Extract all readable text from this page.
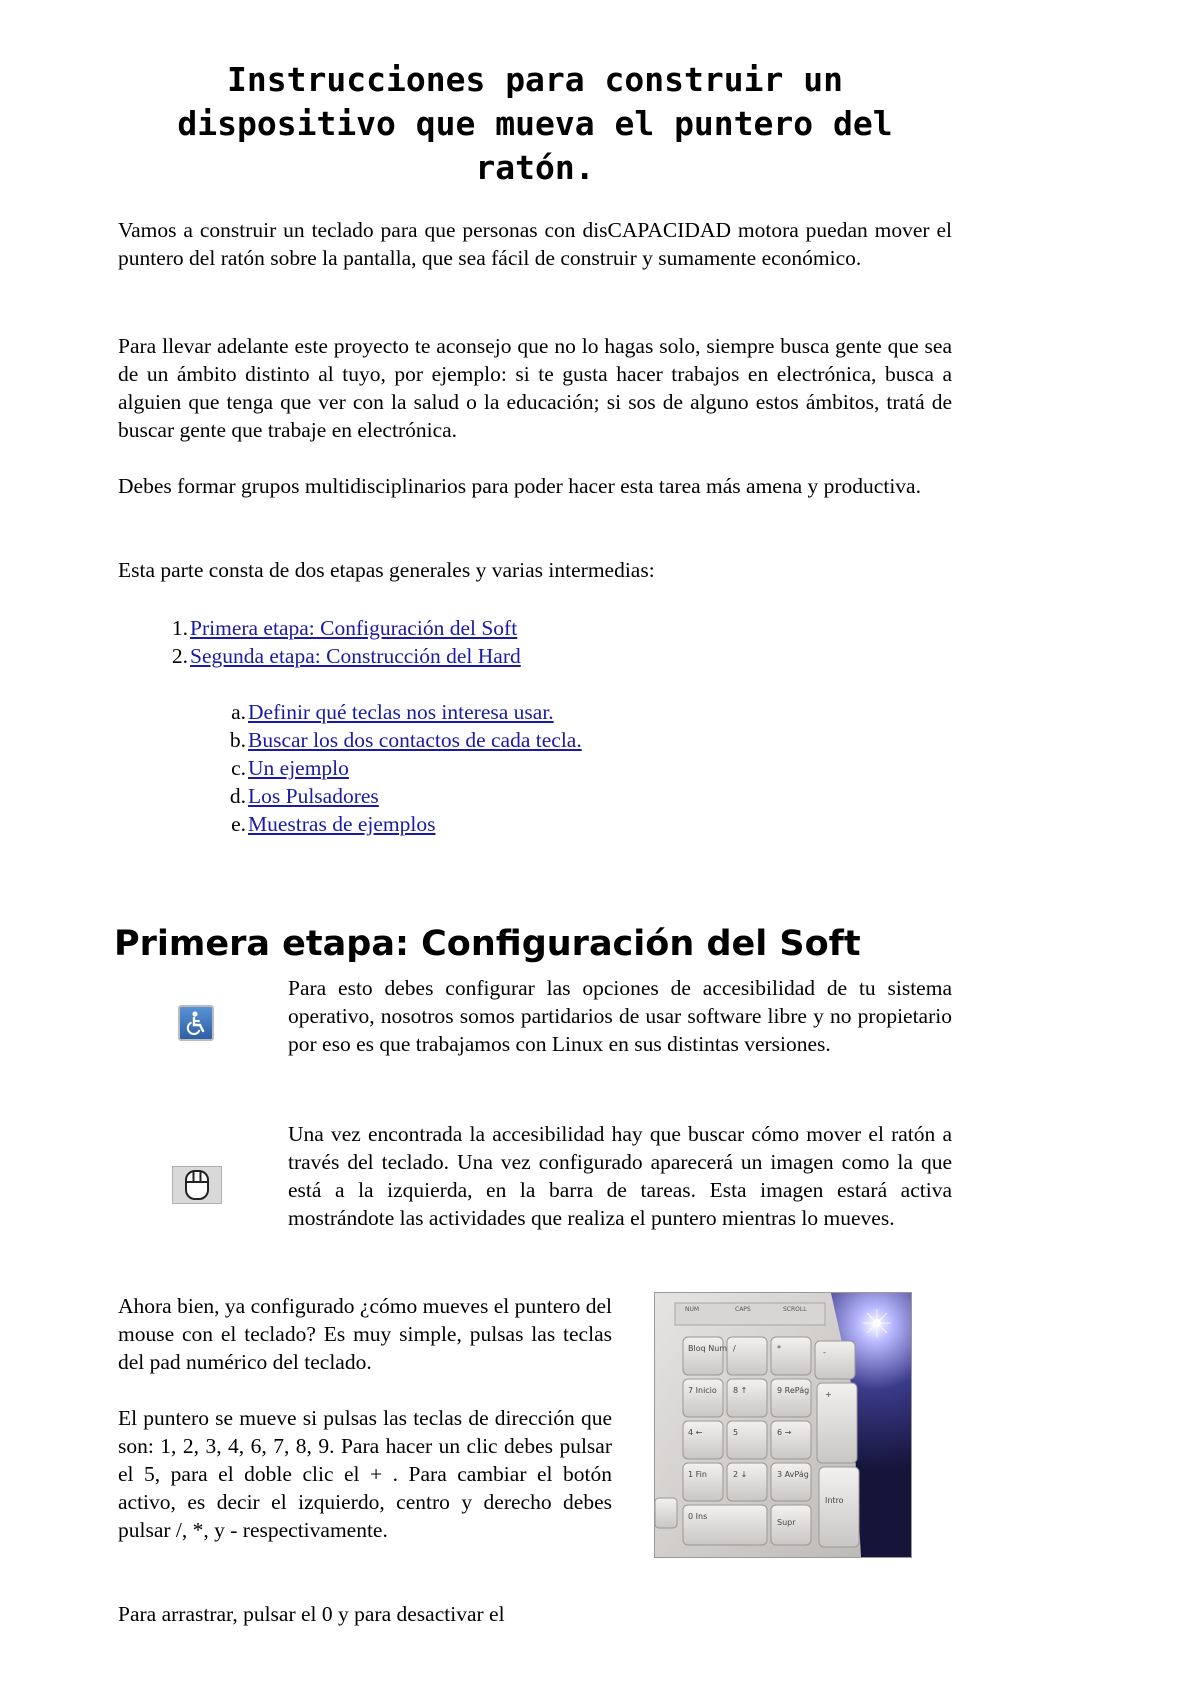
Instrucciones para construir un dispositivo que mueva el puntero del ratón.

Vamos a construir un teclado para que personas con disCAPACIDAD motora puedan mover el puntero del ratón sobre la pantalla, que sea fácil de construir y sumamente económico.

Para llevar adelante este proyecto te aconsejo que no lo hagas solo, siempre busca gente que sea de un ámbito distinto al tuyo, por ejemplo: si te gusta hacer trabajos en electrónica, busca a alguien que tenga que ver con la salud o la educación; si sos de alguno estos ámbitos, tratá de buscar gente que trabaje en electrónica.

Debes formar grupos multidisciplinarios para poder hacer esta tarea más amena y productiva.

Esta parte consta de dos etapas generales y varias intermedias:

1. Primera etapa: Configuración del Soft
2. Segunda etapa: Construcción del Hard
a. Definir qué teclas nos interesa usar.
b. Buscar los dos contactos de cada tecla.
c. Un ejemplo
d. Los Pulsadores
e. Muestras de ejemplos
Primera etapa: Configuración del Soft

Para esto debes configurar las opciones de accesibilidad de tu sistema operativo, nosotros somos partidarios de usar software libre y no propietario por eso es que trabajamos con Linux en sus distintas versiones.

Una vez encontrada la accesibilidad hay que buscar cómo mover el ratón a través del teclado. Una vez configurado aparecerá un imagen como la que está a la izquierda, en la barra de tareas. Esta imagen estará activa mostrándote las actividades que realiza el puntero mientras lo mueves.

Ahora bien, ya configurado ¿cómo mueves el puntero del mouse con el teclado? Es muy simple, pulsas las teclas del pad numérico del teclado.

El puntero se mueve si pulsas las teclas de dirección que son: 1, 2, 3, 4, 6, 7, 8, 9. Para hacer un clic debes pulsar el 5, para el doble clic el + . Para cambiar el botón activo, es decir el izquierdo, centro y derecho debes pulsar /, *, y - respectivamente.

Para arrastrar, pulsar el 0 y para desactivar el

NUM	CAPS	SCROLL
Bloq Num /	*	-
7 Inicio 8 ↑	9 RePág +
4 ←	5	6 →
1 Fin	2 ↓	3 AvPág
Intro
0 Ins
Supr
